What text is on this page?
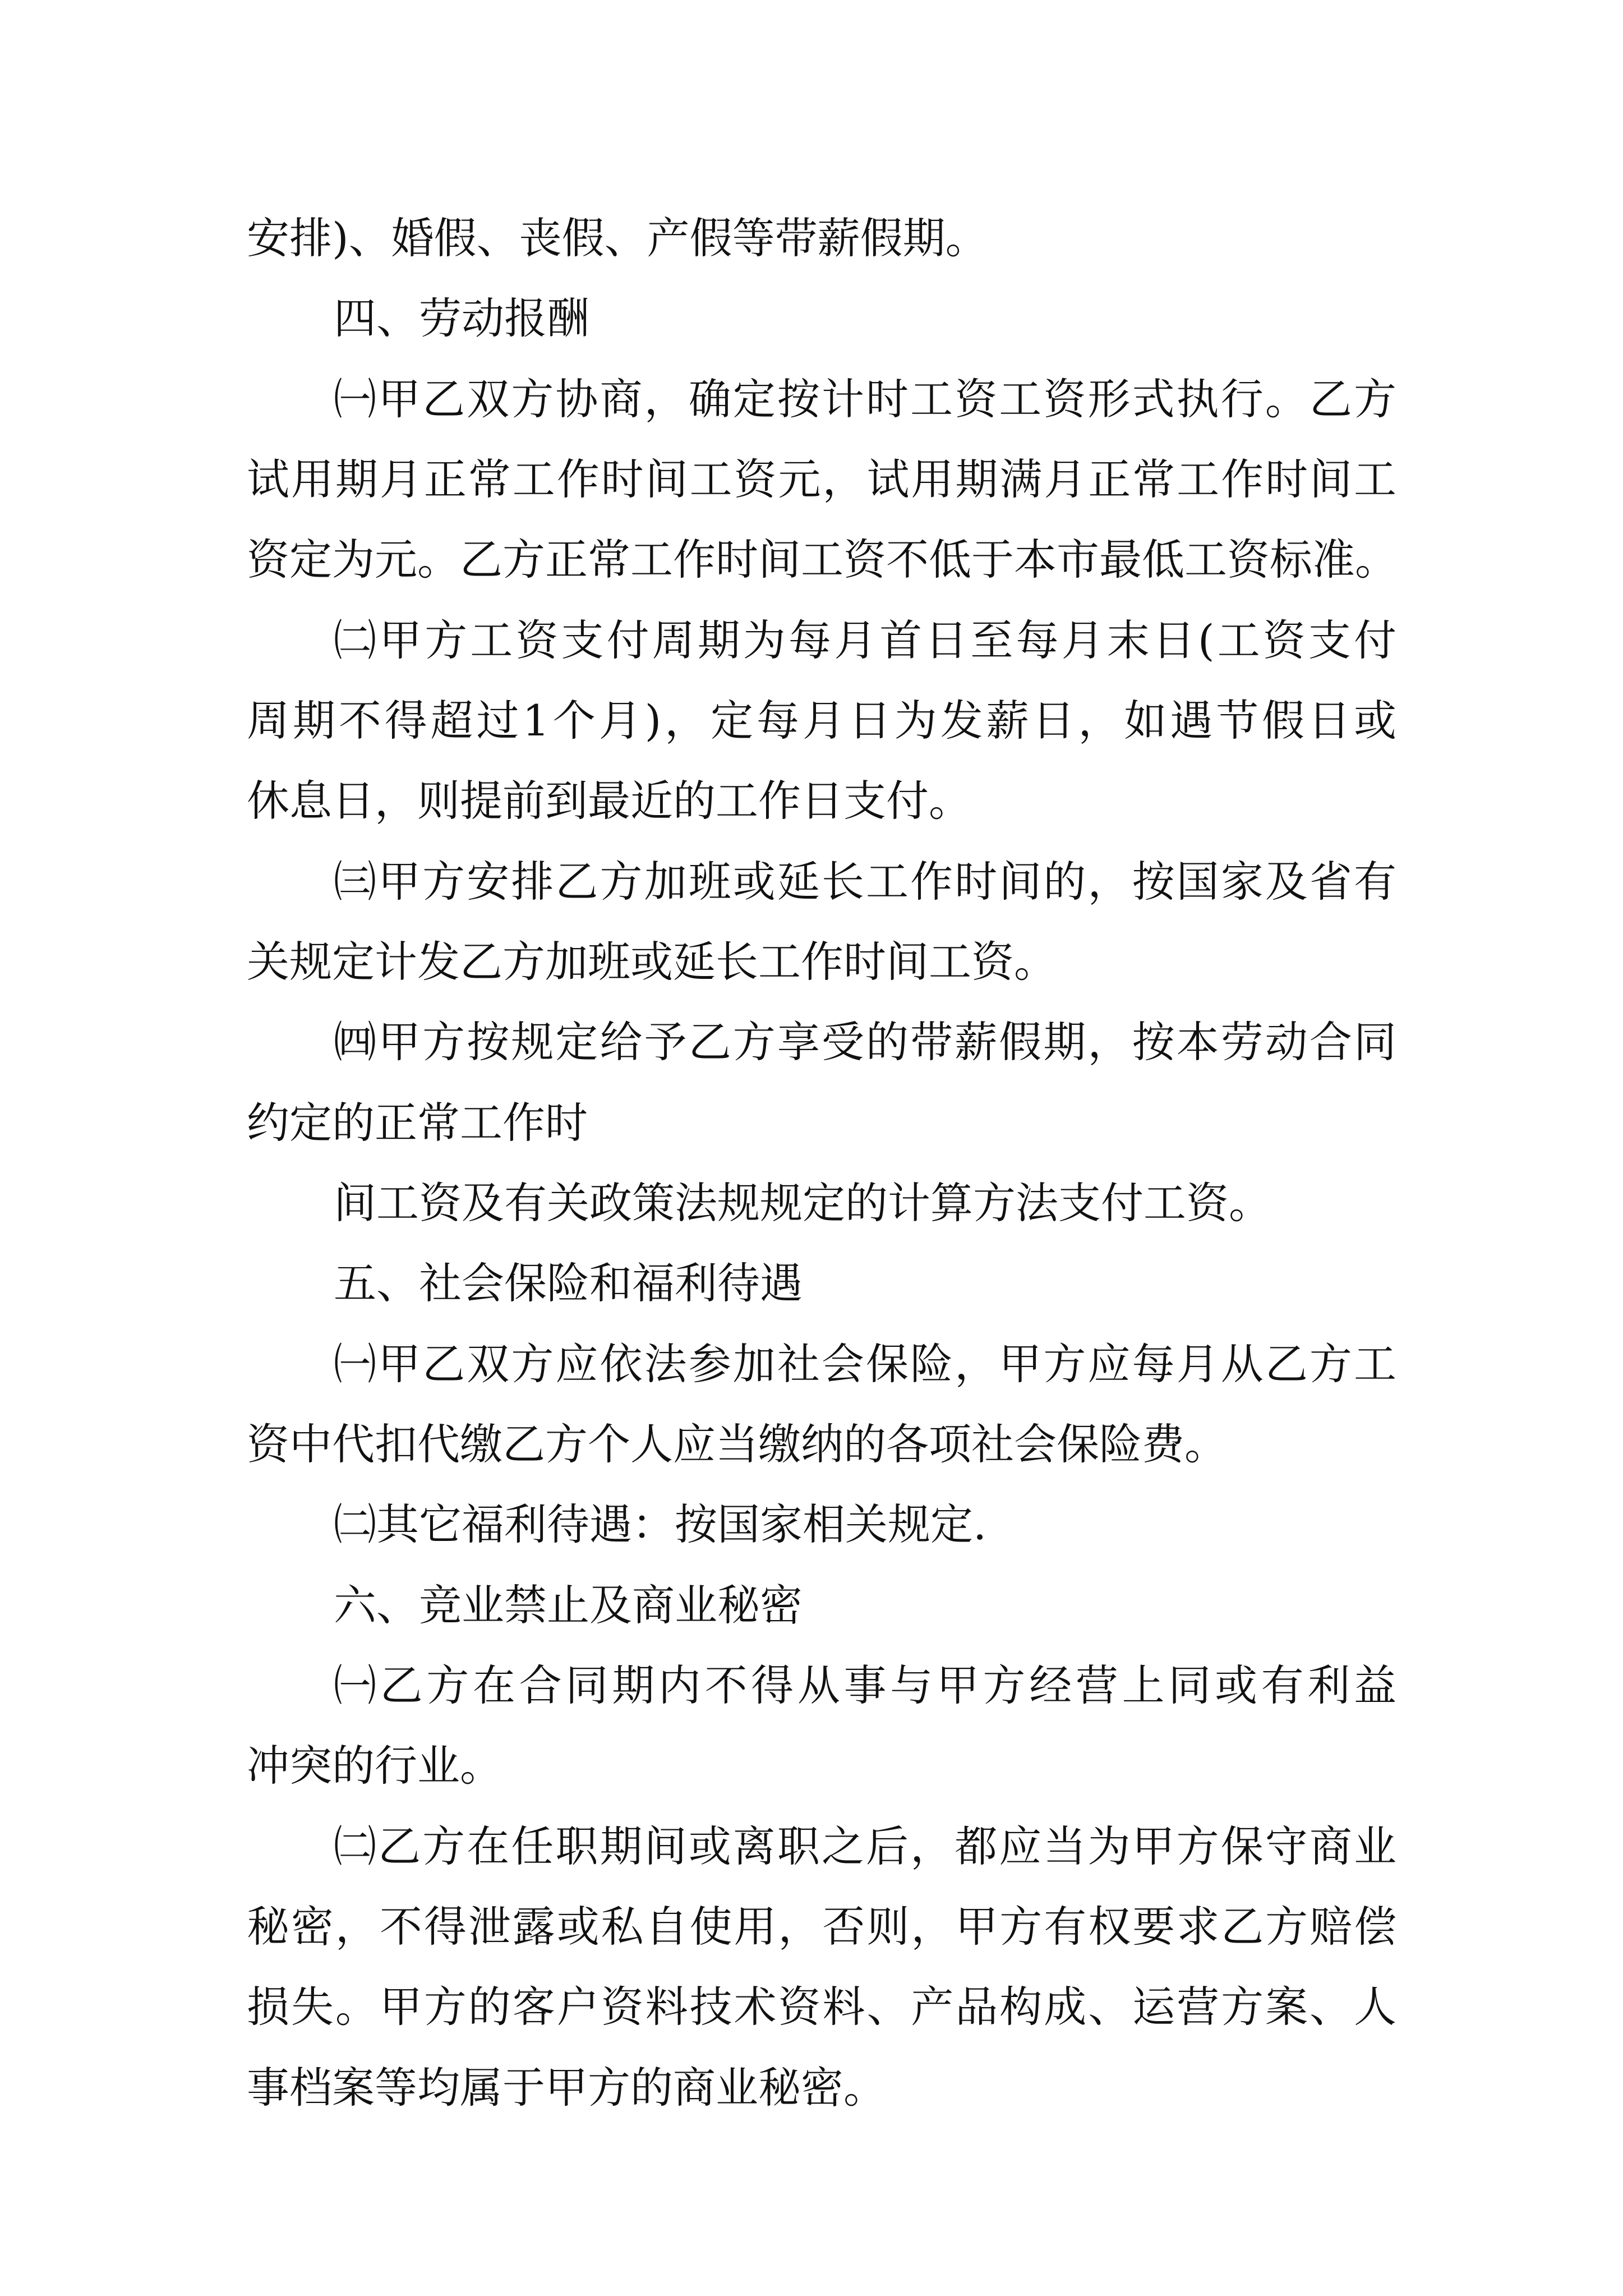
安排)、婚假、丧假、产假等带薪假期。
四、劳动报酬
㈠甲乙双方协商，确定按计时工资工资形式执行。乙方
试用期月正常工作时间工资元，试用期满月正常工作时间工
资定为元。乙方正常工作时间工资不低于本市最低工资标准。
㈡甲方工资支付周期为每月首日至每月末日(工资支付
周期不得超过1个月)，定每月日为发薪日，如遇节假日或
休息日，则提前到最近的工作日支付。
㈢甲方安排乙方加班或延长工作时间的，按国家及省有
关规定计发乙方加班或延长工作时间工资。
㈣甲方按规定给予乙方享受的带薪假期，按本劳动合同
约定的正常工作时
间工资及有关政策法规规定的计算方法支付工资。
五、社会保险和福利待遇
㈠甲乙双方应依法参加社会保险，甲方应每月从乙方工
资中代扣代缴乙方个人应当缴纳的各项社会保险费。
㈡其它福利待遇：按国家相关规定.
六、竞业禁止及商业秘密
㈠乙方在合同期内不得从事与甲方经营上同或有利益
冲突的行业。
㈡乙方在任职期间或离职之后，都应当为甲方保守商业
秘密，不得泄露或私自使用，否则，甲方有权要求乙方赔偿
损失。甲方的客户资料技术资料、产品构成、运营方案、人
事档案等均属于甲方的商业秘密。
